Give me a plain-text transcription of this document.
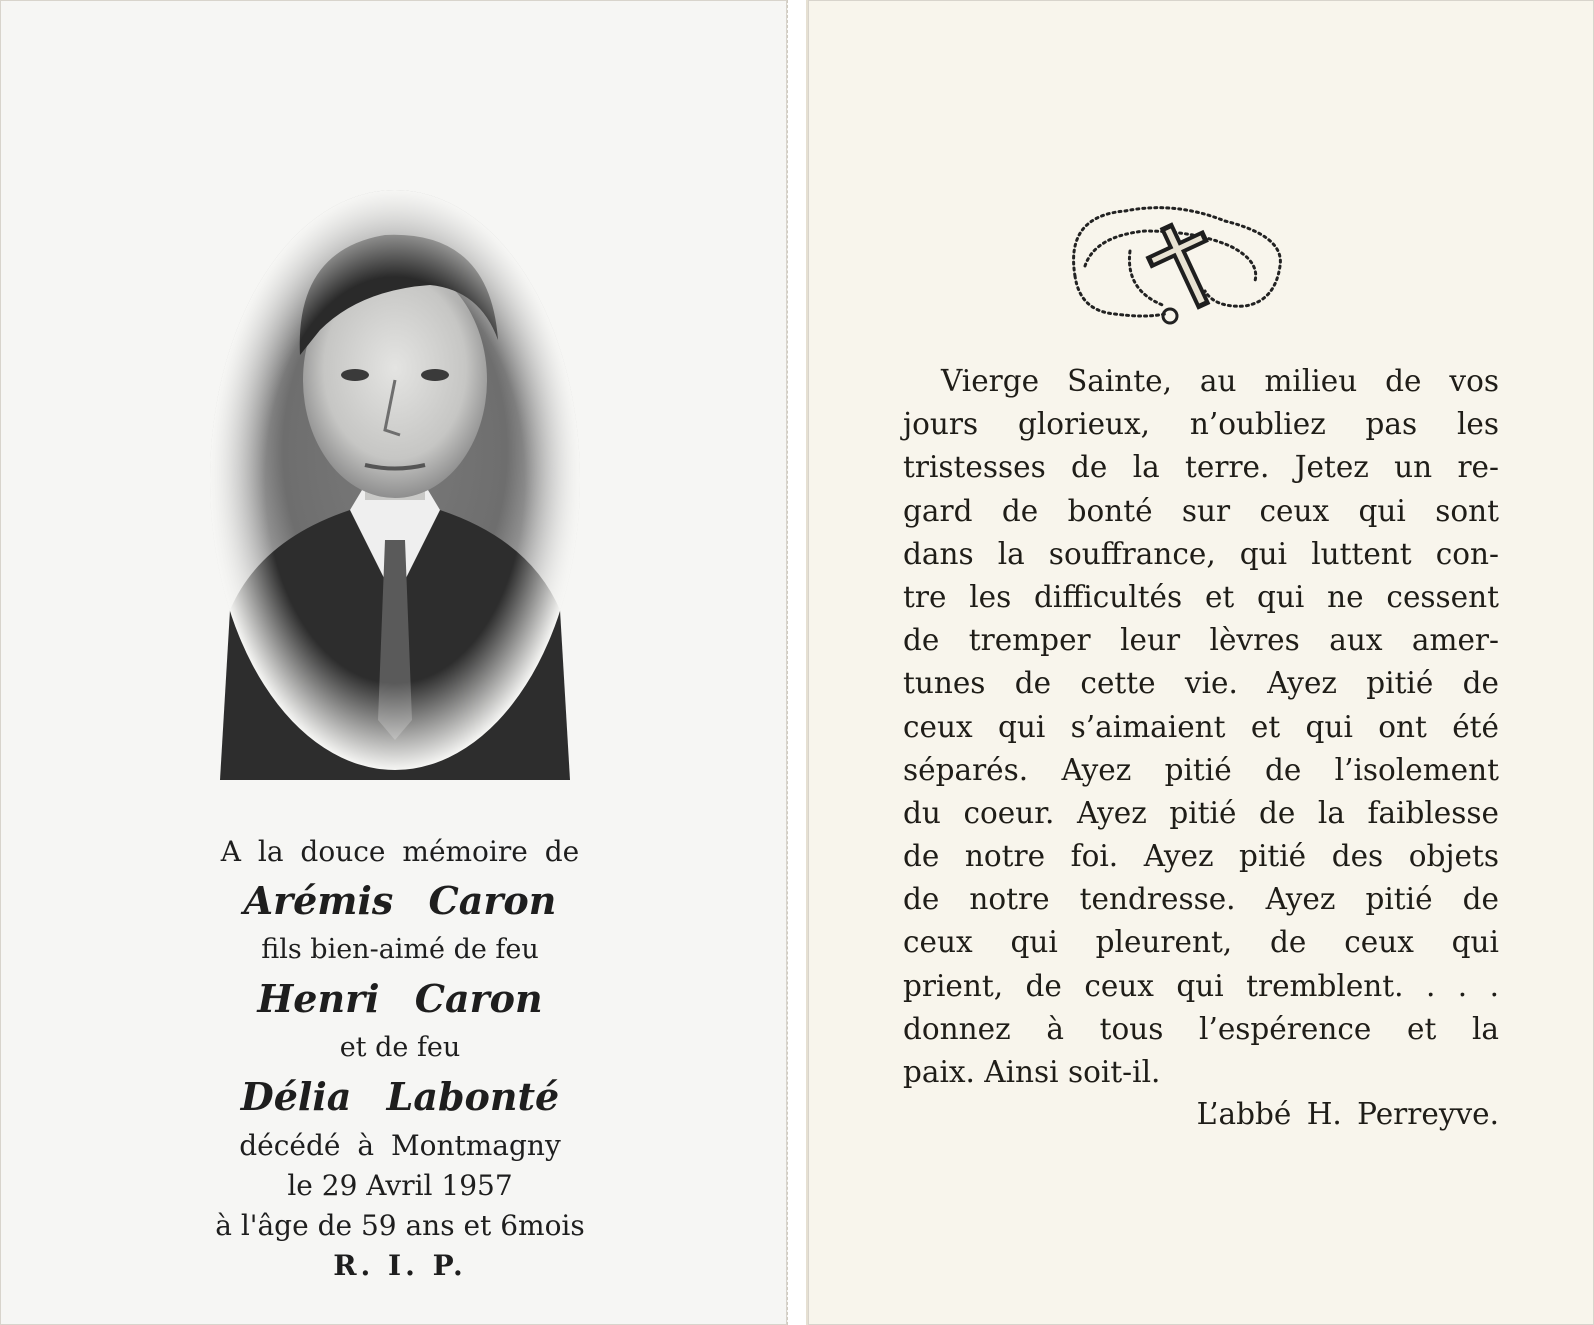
A la douce mémoire de
Arémis Caron
fils bien-aimé de feu
Henri Caron
et de feu
Délia Labonté
décédé à Montmagny
le 29 Avril 1957
à l'âge de 59 ans et 6mois
R. I. P.
Vierge Sainte, au milieu de vos
jours glorieux, n’oubliez pas les
tristesses de la terre. Jetez un re-
gard de bonté sur ceux qui sont
dans la souffrance, qui luttent con-
tre les difficultés et qui ne cessent
de tremper leur lèvres aux amer-
tunes de cette vie. Ayez pitié de
ceux qui s’aimaient et qui ont été
séparés. Ayez pitié de l’isolement
du coeur. Ayez pitié de la faiblesse
de notre foi. Ayez pitié des objets
de notre tendresse. Ayez pitié de
ceux qui pleurent, de ceux qui
prient, de ceux qui tremblent. . . .
donnez à tous l’espérence et la
paix. Ainsi soit-il.
L’abbé H. Perreyve.
